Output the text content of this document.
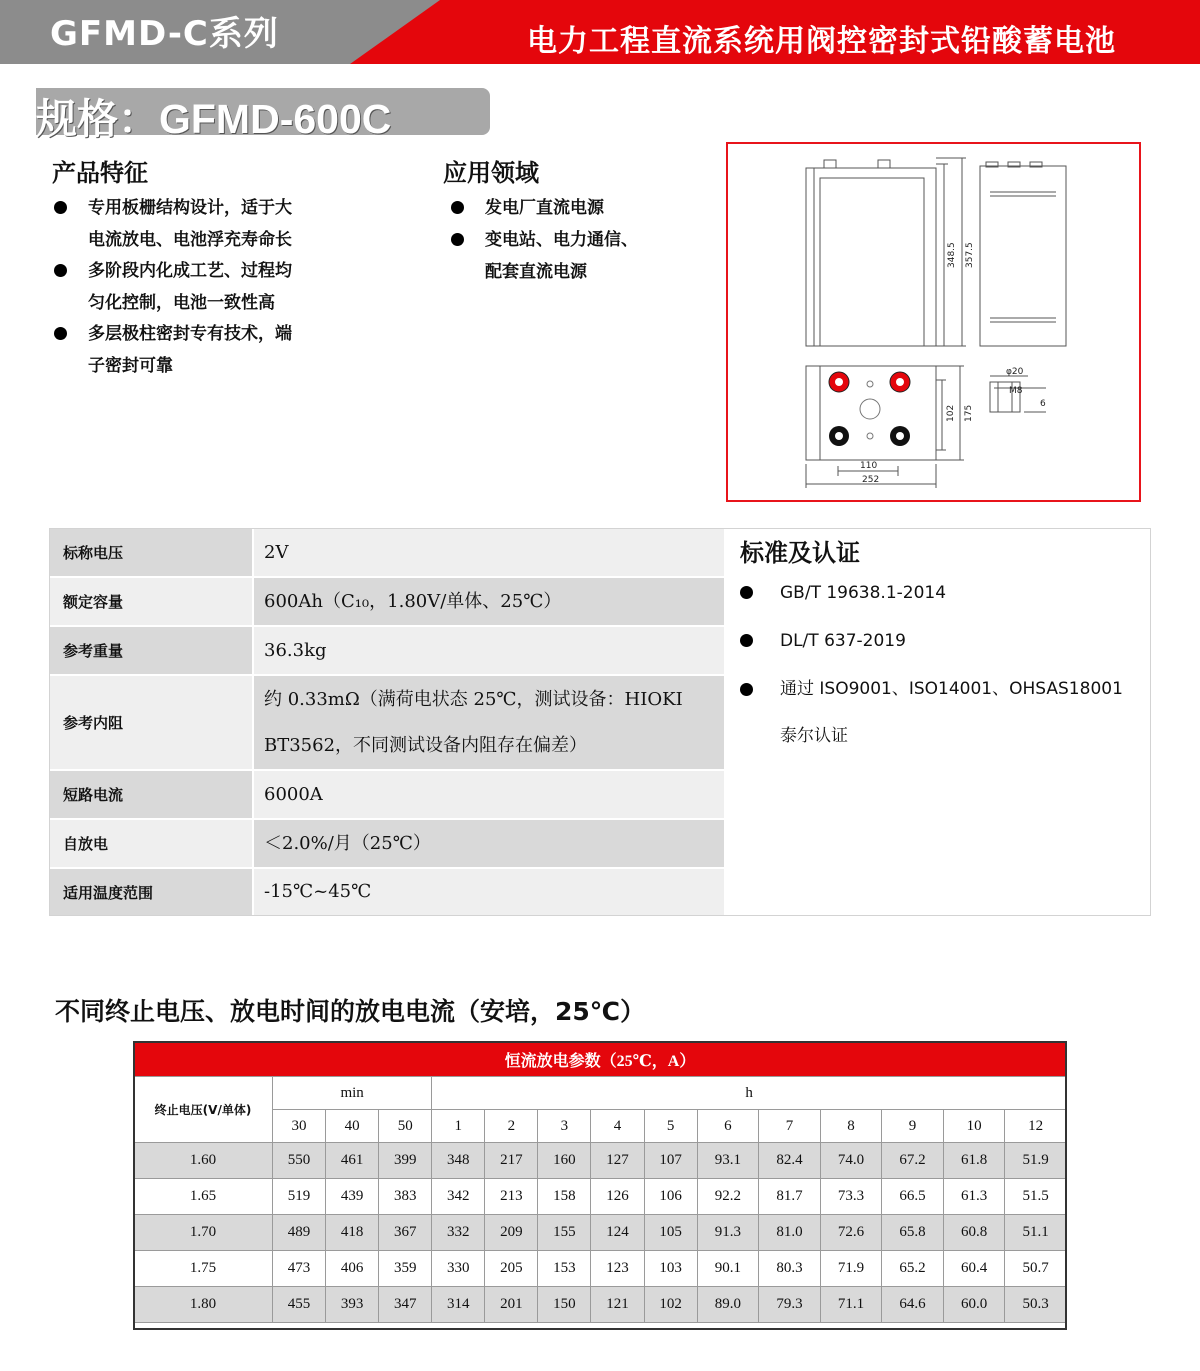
GFMD-C系列	电力工程直流系统用阀控密封式铅酸蓄电池
规格：GFMD-600C
产品特征
专用板栅结构设计，适于大
电流放电、电池浮充寿命长
多阶段内化成工艺、过程均
匀化控制，电池一致性高
多层极柱密封专有技术，端
子密封可靠
应用领域
发电厂直流电源
变电站、电力通信、
配套直流电源
348.5 357.5
102 175
110
252
φ20
M8
6
标称电压	2V
额定容量	600Ah（C₁₀，1.80V/单体、25℃）
参考重量	36.3kg
参考内阻
约 0.33mΩ（满荷电状态 25℃，测试设备：HIOKI BT3562，不同测试设备内阻存在偏差）
短路电流	6000A
自放电	＜2.0%/月（25℃）
适用温度范围	-15℃~45℃
标准及认证
GB/T 19638.1-2014
DL/T 637-2019
通过 ISO9001、ISO14001、OHSAS18001
泰尔认证
不同终止电压、放电时间的放电电流（安培，25℃）
恒流放电参数（25℃，A）														
终止电压(V/单体)	min			h										
	30	40	50	1	2	3	4	5	6	7	8	9	10	12
1.60	550	461	399	348	217	160	127	107	93.1	82.4	74.0	67.2	61.8	51.9
1.65	519	439	383	342	213	158	126	106	92.2	81.7	73.3	66.5	61.3	51.5
1.70	489	418	367	332	209	155	124	105	91.3	81.0	72.6	65.8	60.8	51.1
1.75	473	406	359	330	205	153	123	103	90.1	80.3	71.9	65.2	60.4	50.7
1.80	455	393	347	314	201	150	121	102	89.0	79.3	71.1	64.6	60.0	50.3
